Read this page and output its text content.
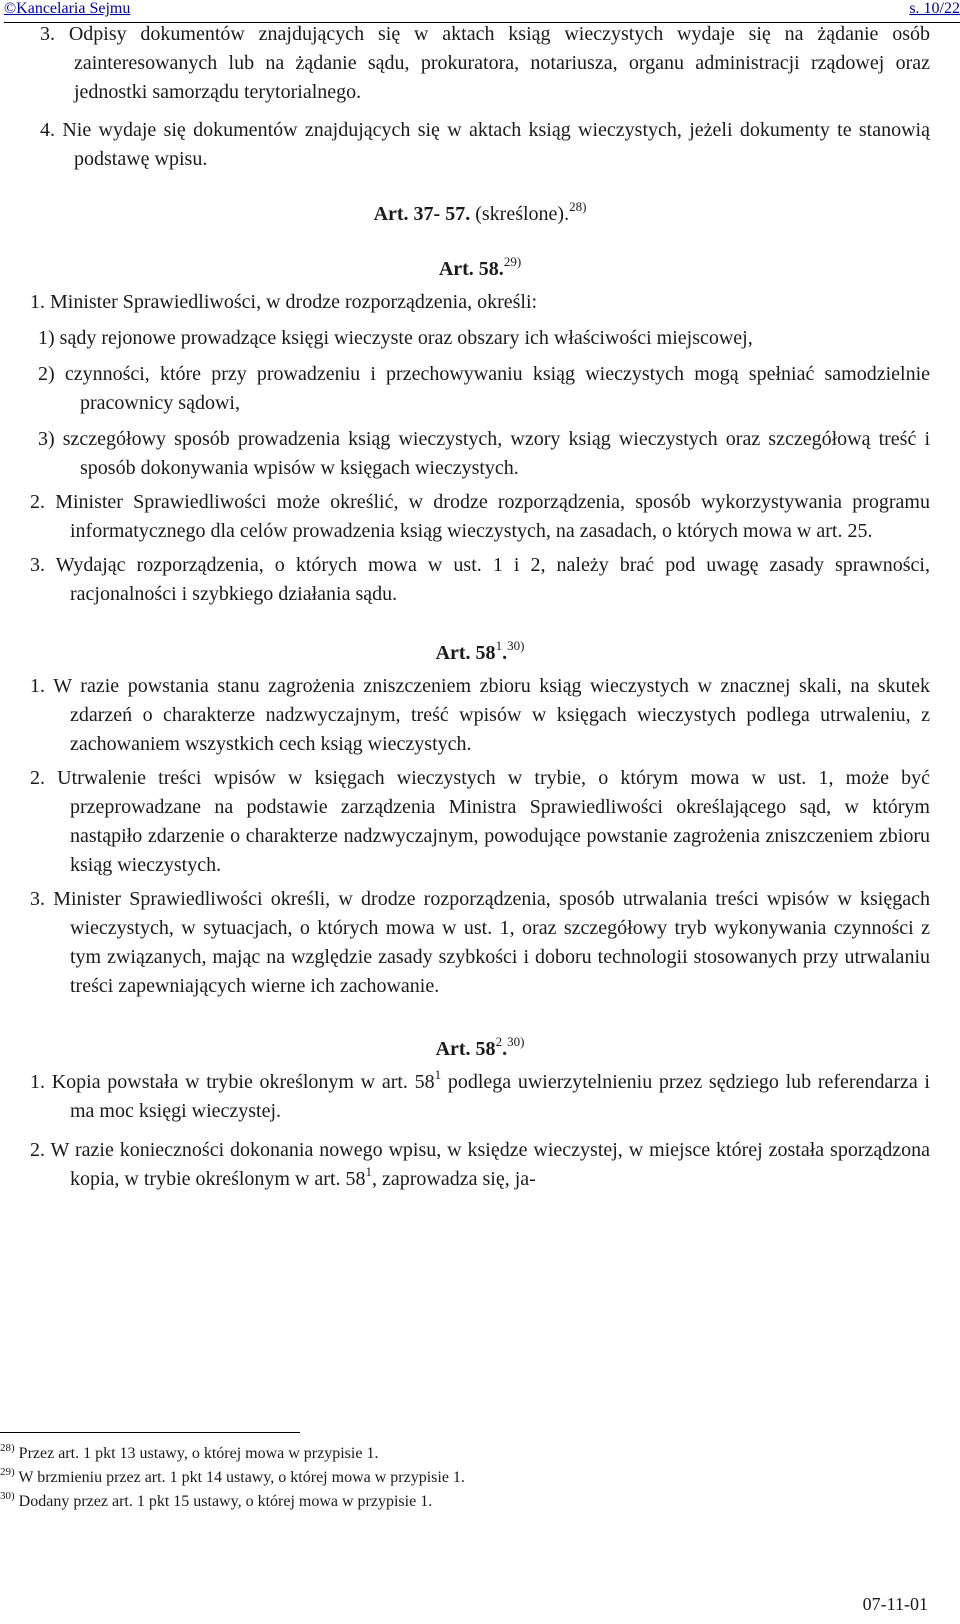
©Kancelaria Sejmu	s. 10/22

3. Odpisy dokumentów znajdujących się w aktach ksiąg wieczystych wydaje się na żądanie osób zainteresowanych lub na żądanie sądu, prokuratora, notariusza, organu administracji rządowej oraz jednostki samorządu terytorialnego.

4. Nie wydaje się dokumentów znajdujących się w aktach ksiąg wieczystych, jeżeli dokumenty te stanowią podstawę wpisu.

Art. 37- 57. (skreślone).$^{28)}$

Art. 58.$^{29)}$

1. Minister Sprawiedliwości, w drodze rozporządzenia, określi:

1) sądy rejonowe prowadzące księgi wieczyste oraz obszary ich właściwości miejscowej,

2) czynności, które przy prowadzeniu i przechowywaniu ksiąg wieczystych mogą spełniać samodzielnie pracownicy sądowi,

3) szczegółowy sposób prowadzenia ksiąg wieczystych, wzory ksiąg wieczystych oraz szczegółową treść i sposób dokonywania wpisów w księgach wieczystych.

2. Minister Sprawiedliwości może określić, w drodze rozporządzenia, sposób wykorzystywania programu informatycznego dla celów prowadzenia ksiąg wieczystych, na zasadach, o których mowa w art. 25.

3. Wydając rozporządzenia, o których mowa w ust. 1 i 2, należy brać pod uwagę zasady sprawności, racjonalności i szybkiego działania sądu.

Art. $58^1.^{30)}$

1. W razie powstania stanu zagrożenia zniszczeniem zbioru ksiąg wieczystych w znacznej skali, na skutek zdarzeń o charakterze nadzwyczajnym, treść wpisów w księgach wieczystych podlega utrwaleniu, z zachowaniem wszystkich cech ksiąg wieczystych.

2. Utrwalenie treści wpisów w księgach wieczystych w trybie, o którym mowa w ust. 1, może być przeprowadzane na podstawie zarządzenia Ministra Sprawiedliwości określającego sąd, w którym nastąpiło zdarzenie o charakterze nadzwyczajnym, powodujące powstanie zagrożenia zniszczeniem zbioru ksiąg wieczystych.

3. Minister Sprawiedliwości określi, w drodze rozporządzenia, sposób utrwalania treści wpisów w księgach wieczystych, w sytuacjach, o których mowa w ust. 1, oraz szczegółowy tryb wykonywania czynności z tym związanych, mając na względzie zasady szybkości i doboru technologii stosowanych przy utrwalaniu treści zapewniających wierne ich zachowanie.

Art. $58^2.^{30)}$

1. Kopia powstała w trybie określonym w art. $58^1$ podlega uwierzytelnieniu przez sędziego lub referendarza i ma moc księgi wieczystej.

2. W razie konieczności dokonania nowego wpisu, w księdze wieczystej, w miejsce której została sporządzona kopia, w trybie określonym w art. $58^1$, zaprowadza się, ja-

$^{28)}$ Przez art. 1 pkt 13 ustawy, o której mowa w przypisie 1.
$^{29)}$ W brzmieniu przez art. 1 pkt 14 ustawy, o której mowa w przypisie 1.
$^{30)}$ Dodany przez art. 1 pkt 15 ustawy, o której mowa w przypisie 1.
07-11-01
